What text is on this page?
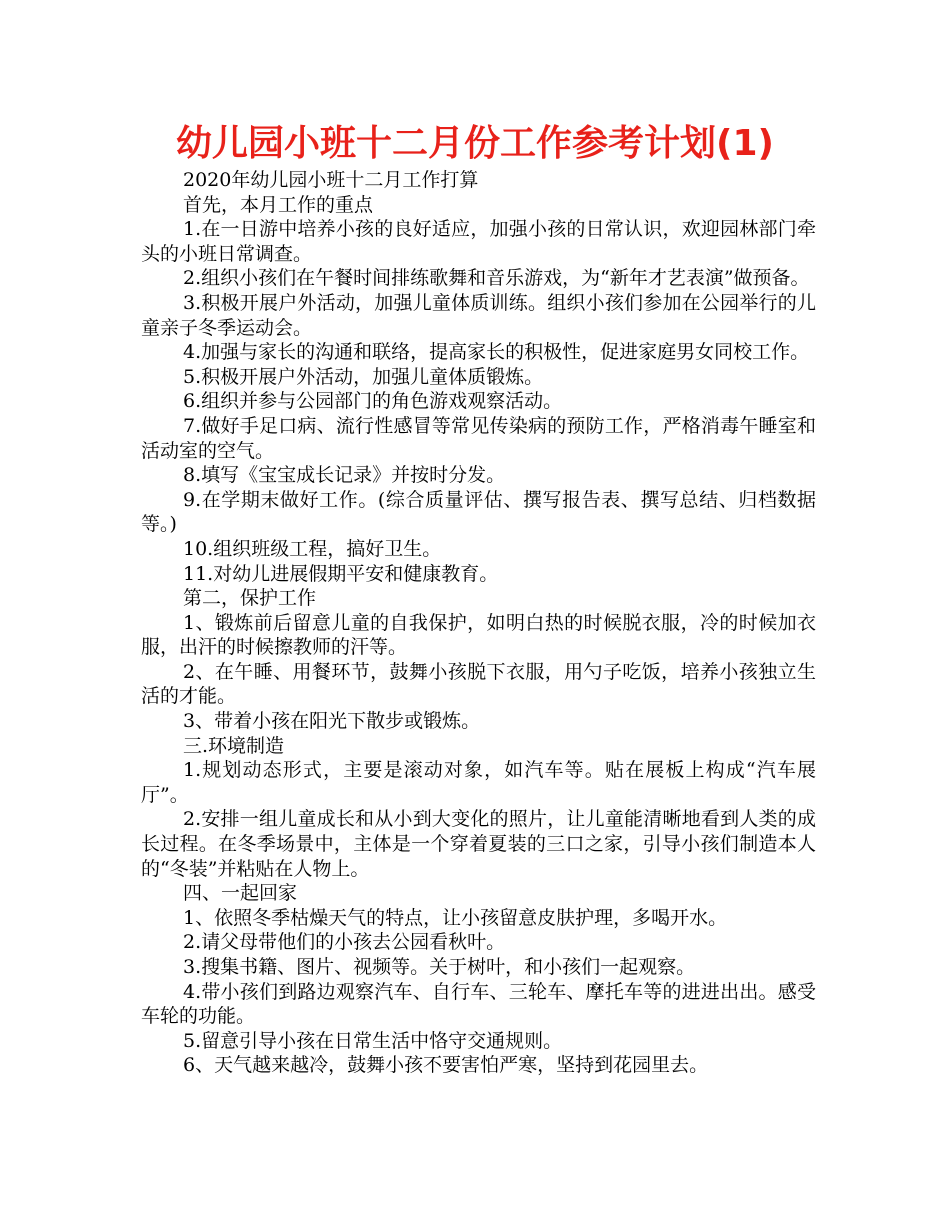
幼儿园小班十二月份工作参考计划(1)

2020年幼儿园小班十二月工作打算

首先，本月工作的重点

1.在一日游中培养小孩的良好适应，加强小孩的日常认识，欢迎园林部门牵头的小班日常调查。

2.组织小孩们在午餐时间排练歌舞和音乐游戏，为“新年才艺表演”做预备。

3.积极开展户外活动，加强儿童体质训练。组织小孩们参加在公园举行的儿童亲子冬季运动会。

4.加强与家长的沟通和联络，提高家长的积极性，促进家庭男女同校工作。

5.积极开展户外活动，加强儿童体质锻炼。

6.组织并参与公园部门的角色游戏观察活动。

7.做好手足口病、流行性感冒等常见传染病的预防工作，严格消毒午睡室和活动室的空气。

8.填写《宝宝成长记录》并按时分发。

9.在学期末做好工作。(综合质量评估、撰写报告表、撰写总结、归档数据等。)

10.组织班级工程，搞好卫生。

11.对幼儿进展假期平安和健康教育。

第二，保护工作

1、锻炼前后留意儿童的自我保护，如明白热的时候脱衣服，冷的时候加衣服，出汗的时候擦教师的汗等。

2、在午睡、用餐环节，鼓舞小孩脱下衣服，用勺子吃饭，培养小孩独立生活的才能。

3、带着小孩在阳光下散步或锻炼。

三.环境制造

1.规划动态形式，主要是滚动对象，如汽车等。贴在展板上构成“汽车展厅”。

2.安排一组儿童成长和从小到大变化的照片，让儿童能清晰地看到人类的成长过程。在冬季场景中，主体是一个穿着夏装的三口之家，引导小孩们制造本人的“冬装”并粘贴在人物上。

四、一起回家

1、依照冬季枯燥天气的特点，让小孩留意皮肤护理，多喝开水。

2.请父母带他们的小孩去公园看秋叶。

3.搜集书籍、图片、视频等。关于树叶，和小孩们一起观察。

4.带小孩们到路边观察汽车、自行车、三轮车、摩托车等的进进出出。感受车轮的功能。

5.留意引导小孩在日常生活中恪守交通规则。

6、天气越来越冷，鼓舞小孩不要害怕严寒，坚持到花园里去。
